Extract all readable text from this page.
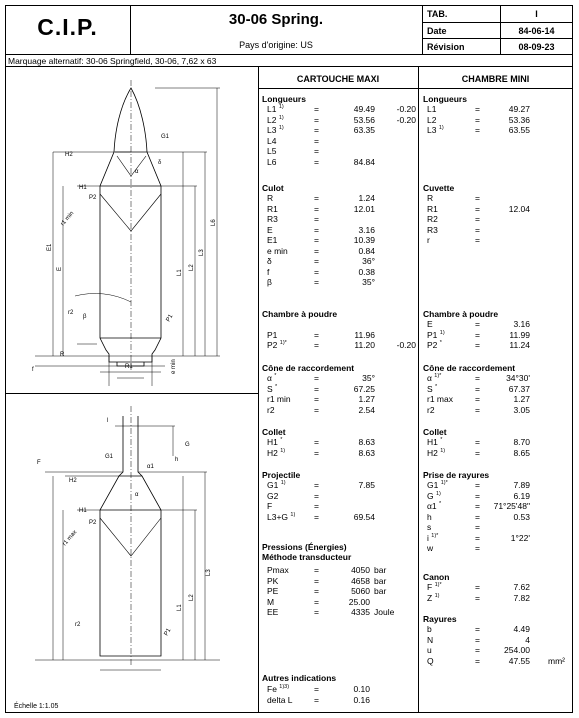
C.I.P.	30-06 Spring.
Pays d'origine: US
TAB.	I
Date	84-06-14
Révision	08-09-23
Marquage alternatif: 30-06 Springfield, 30-06, 7,62 x 63
CARTOUCHE MAXI	CHAMBRE MINI
Échelle 1:1.05
H2
H1
P2
r1 min
G1
δ
L6
L3
L2
L1
E1
E
R1
β	P1
R
e min
f
α
r2
F
H2
H1
P2
r1 max
G
G1	h
L3
L2
L1
P1
r2
α
l
α1
Longueurs
L1 $^{1)}$	=	49.49	-0.20
L2 $^{1)}$	=	53.56	-0.20
L3 $^{1)}$	=	63.35
L4	=
L5	=
L6	=	84.84
Culot
R	=	1.24
R1	=	12.01
R3	=
E	=	3.16
E1	=	10.39
e min	=	0.84
δ	=	36°
f	=	0.38
β	=	35°
Chambre à poudre
P1	=	11.96
P2 $^{1)*}$	=	11.20	-0.20
Cône de raccordement
α *	=	35°
S *	=	67.25
r1 min	=	1.27
r2	=	2.54
Collet
H1 *	=	8.63
H2 $^{1)}$	=	8.63
Projectile
G1 $^{1)}$	=	7.85
G2	=
F	=
L3+G $^{1)}$ =	69.54
Longueurs
L1	=	49.27
L2	=	53.36
L3 $^{1)}$	=	63.55
Cuvette
R	=
R1	=	12.04
R2	=
R3	=
r	=
Chambre à poudre
E	=	3.16
P1 $^{1)}$	=	11.99
P2 *	=	11.24
Cône de raccordement
α $^{1)*}$	=	34°30'
S *	=	67.37
r1 max	=	1.27
r2	=	3.05
Collet
H1 *	=	8.70
H2 $^{1)}$	=	8.65
Prise de rayures
G1 $^{1)*}$	=	7.89
G $^{1)}$	=	6.19
α1 *	= 71°25'48"
h	=	0.53
s	=
i $^{1)*}$	=	1°22'
w	=
Canon
F $^{1)*}$	=	7.62
Z $^{1)}$	=	7.82
Rayures
b	=	4.49
N	=	4
u	=	254.00
Q	=	47.55 mm²
Pressions (Énergies)
Méthode transducteur
Pmax	=	4050 bar
PK	=	4658 bar
PE	=	5060 bar
M	=	25.00
EE	=	4335 Joule
Autres indications
Fe $^{1)3)}$	=	0.10
delta L	=	0.16
